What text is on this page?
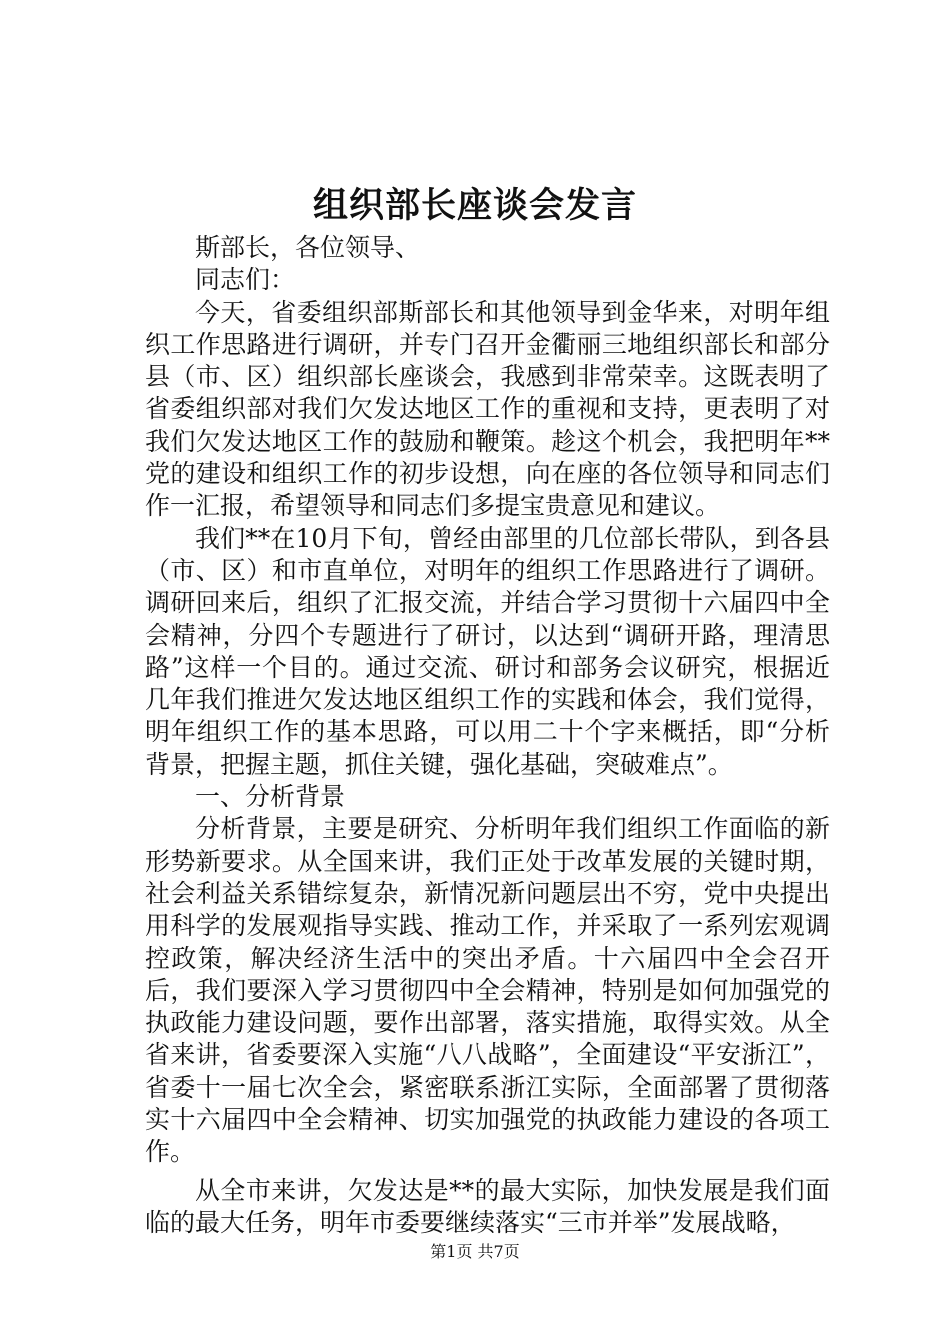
组织部长座谈会发言

斯部长，各位领导、

同志们：

今天，省委组织部斯部长和其他领导到金华来，对明年组织工作思路进行调研，并专门召开金衢丽三地组织部长和部分县（市、区）组织部长座谈会，我感到非常荣幸。这既表明了省委组织部对我们欠发达地区工作的重视和支持，更表明了对我们欠发达地区工作的鼓励和鞭策。趁这个机会，我把明年**党的建设和组织工作的初步设想，向在座的各位领导和同志们作一汇报，希望领导和同志们多提宝贵意见和建议。

我们**在10月下旬，曾经由部里的几位部长带队，到各县（市、区）和市直单位，对明年的组织工作思路进行了调研。调研回来后，组织了汇报交流，并结合学习贯彻十六届四中全会精神，分四个专题进行了研讨，以达到“调研开路，理清思路”这样一个目的。通过交流、研讨和部务会议研究，根据近几年我们推进欠发达地区组织工作的实践和体会，我们觉得，明年组织工作的基本思路，可以用二十个字来概括，即“分析背景，把握主题，抓住关键，强化基础，突破难点”。

一、分析背景

分析背景，主要是研究、分析明年我们组织工作面临的新形势新要求。从全国来讲，我们正处于改革发展的关键时期，社会利益关系错综复杂，新情况新问题层出不穷，党中央提出用科学的发展观指导实践、推动工作，并采取了一系列宏观调控政策，解决经济生活中的突出矛盾。十六届四中全会召开后，我们要深入学习贯彻四中全会精神，特别是如何加强党的执政能力建设问题，要作出部署，落实措施，取得实效。从全省来讲，省委要深入实施“八八战略”，全面建设“平安浙江”，省委十一届七次全会，紧密联系浙江实际，全面部署了贯彻落实十六届四中全会精神、切实加强党的执政能力建设的各项工作。

从全市来讲，欠发达是**的最大实际，加快发展是我们面临的最大任务，明年市委要继续落实“三市并举”发展战略，

第1页 共7页
